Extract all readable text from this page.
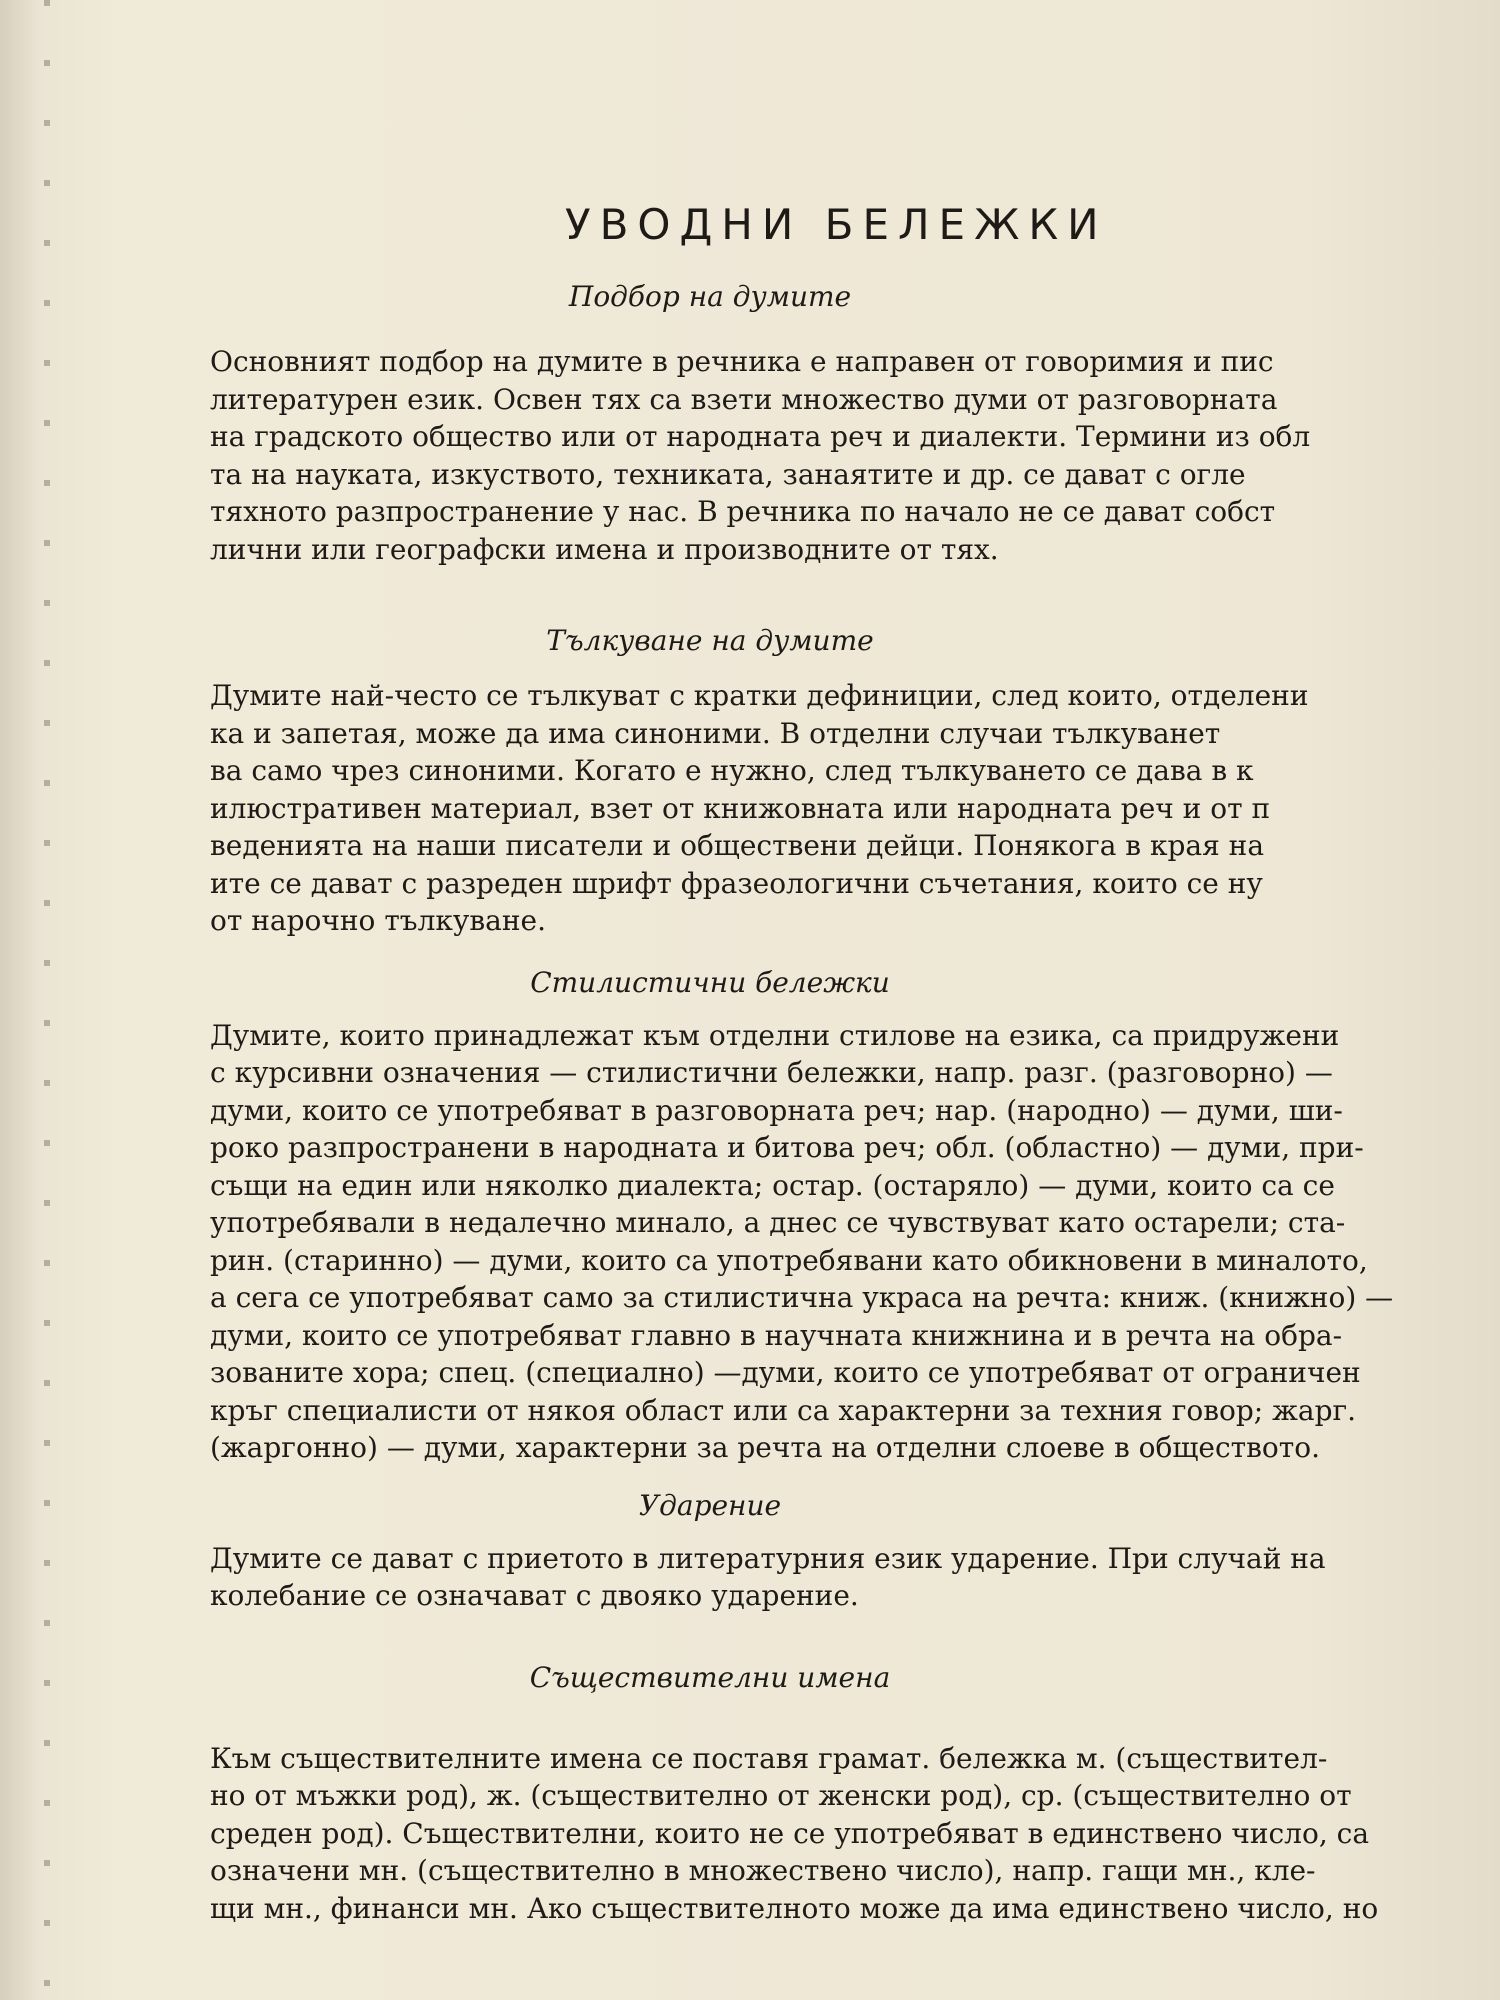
УВОДНИ БЕЛЕЖКИ
Подбор на думите

Основният подбор на думите в речника е направен от говоримия и пис
литературен език. Освен тях са взети множество думи от разговорната
на градското общество или от народната реч и диалекти. Термини из обл
та на науката, изкуството, техниката, занаятите и др. се дават с огле
тяхното разпространение у нас. В речника по начало не се дават собст
лични или географски имена и производните от тях.

Тълкуване на думите

Думите най-често се тълкуват с кратки дефиниции, след които, отделени
ка и запетая, може да има синоними. В отделни случаи тълкуванет
ва само чрез синоними. Когато е нужно, след тълкуването се дава в к
илюстративен материал, взет от книжовната или народната реч и от п
веденията на наши писатели и обществени дейци. Понякога в края на
ите се дават с разреден шрифт фразеологични съчетания, които се ну
от нарочно тълкуване.

Стилистични бележки

Думите, които принадлежат към отделни стилове на езика, са придружени
с курсивни означения — стилистични бележки, напр. разг. (разговорно) —
думи, които се употребяват в разговорната реч; нар. (народно) — думи, ши-
роко разпространени в народната и битова реч; обл. (областно) — думи, при-
същи на един или няколко диалекта; остар. (остаряло) — думи, които са се
употребявали в недалечно минало, а днес се чувствуват като остарели; ста-
рин. (старинно) — думи, които са употребявани като обикновени в миналото,
а сега се употребяват само за стилистична украса на речта: книж. (книжно) —
думи, които се употребяват главно в научната книжнина и в речта на обра-
зованите хора; спец. (специално) —думи, които се употребяват от ограничен
кръг специалисти от някоя област или са характерни за техния говор; жарг.
(жаргонно) — думи, характерни за речта на отделни слоеве в обществото.

Ударение

Думите се дават с приетото в литературния език ударение. При случай на
колебание се означават с двояко ударение.

Съществителни имена

Към съществителните имена се поставя грамат. бележка м. (съществител-
но от мъжки род), ж. (съществително от женски род), ср. (съществително от
среден род). Съществителни, които не се употребяват в единствено число, са
означени мн. (съществително в множествено число), напр. гащи мн., кле-
щи мн., финанси мн. Ако съществителното може да има единствено число, но
